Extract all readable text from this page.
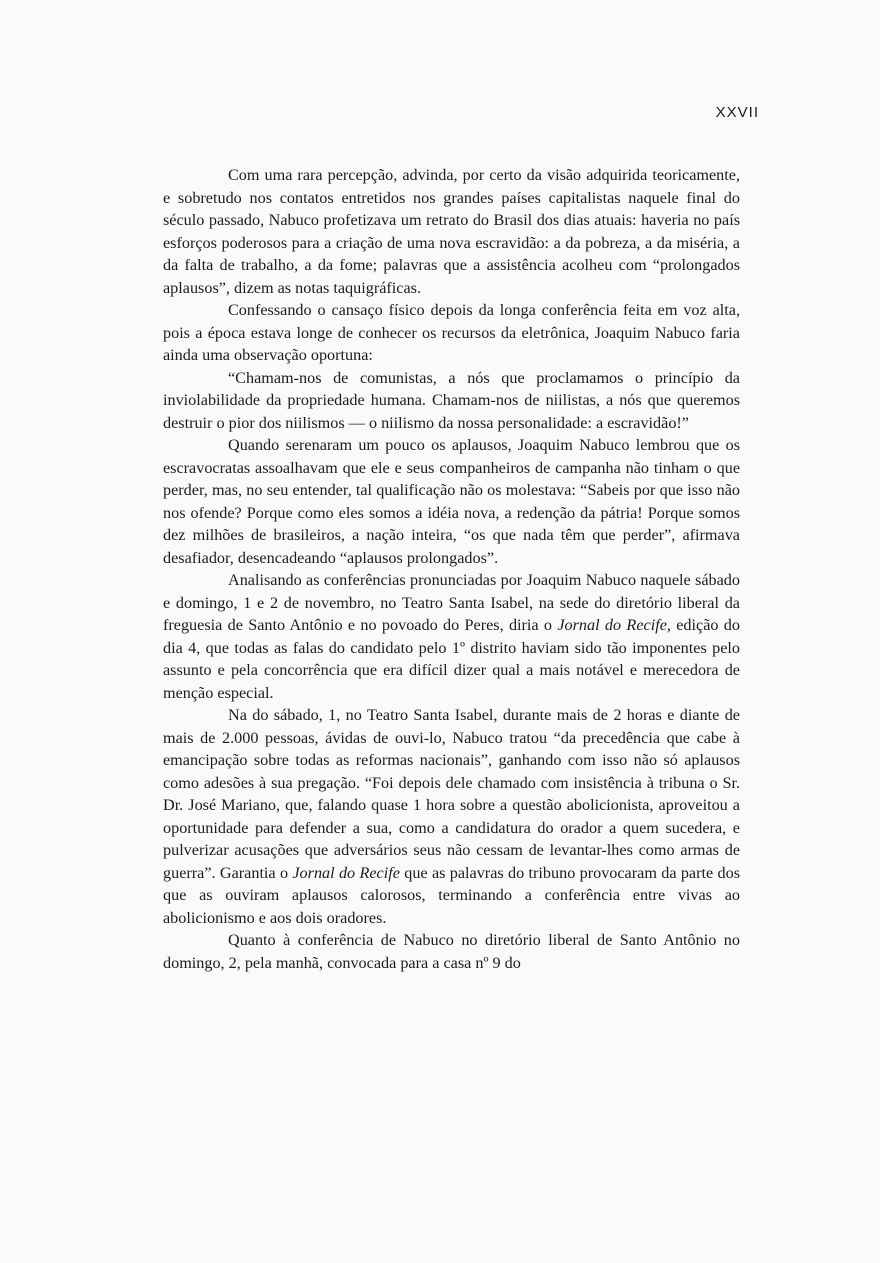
XXVII

Com uma rara percepção, advinda, por certo da visão adquirida teoricamente, e sobretudo nos contatos entretidos nos grandes países capitalistas naquele final do século passado, Nabuco profetizava um retrato do Brasil dos dias atuais: haveria no país esforços poderosos para a criação de uma nova escravidão: a da pobreza, a da miséria, a da falta de trabalho, a da fome; palavras que a assistência acolheu com “prolongados aplausos”, dizem as notas taquigráficas.

Confessando o cansaço físico depois da longa conferência feita em voz alta, pois a época estava longe de conhecer os recursos da eletrônica, Joaquim Nabuco faria ainda uma observação oportuna:

“Chamam-nos de comunistas, a nós que proclamamos o princípio da inviolabilidade da propriedade humana. Chamam-nos de niilistas, a nós que queremos destruir o pior dos niilismos — o niilismo da nossa personalidade: a escravidão!”

Quando serenaram um pouco os aplausos, Joaquim Nabuco lembrou que os escravocratas assoalhavam que ele e seus companheiros de campanha não tinham o que perder, mas, no seu entender, tal qualificação não os molestava: “Sabeis por que isso não nos ofende? Porque como eles somos a idéia nova, a redenção da pátria! Porque somos dez milhões de brasileiros, a nação inteira, “os que nada têm que perder”, afirmava desafiador, desencadeando “aplausos prolongados”.

Analisando as conferências pronunciadas por Joaquim Nabuco naquele sábado e domingo, 1 e 2 de novembro, no Teatro Santa Isabel, na sede do diretório liberal da freguesia de Santo Antônio e no povoado do Peres, diria o Jornal do Recife, edição do dia 4, que todas as falas do candidato pelo 1º distrito haviam sido tão imponentes pelo assunto e pela concorrência que era difícil dizer qual a mais notável e merecedora de menção especial.

Na do sábado, 1, no Teatro Santa Isabel, durante mais de 2 horas e diante de mais de 2.000 pessoas, ávidas de ouvi-lo, Nabuco tratou “da precedência que cabe à emancipação sobre todas as reformas nacionais”, ganhando com isso não só aplausos como adesões à sua pregação. “Foi depois dele chamado com insistência à tribuna o Sr. Dr. José Mariano, que, falando quase 1 hora sobre a questão abolicionista, aproveitou a oportunidade para defender a sua, como a candidatura do orador a quem sucedera, e pulverizar acusações que adversários seus não cessam de levantar-lhes como armas de guerra”. Garantia o Jornal do Recife que as palavras do tribuno provocaram da parte dos que as ouviram aplausos calorosos, terminando a conferência entre vivas ao abolicionismo e aos dois oradores.

Quanto à conferência de Nabuco no diretório liberal de Santo Antônio no domingo, 2, pela manhã, convocada para a casa nº 9 do
